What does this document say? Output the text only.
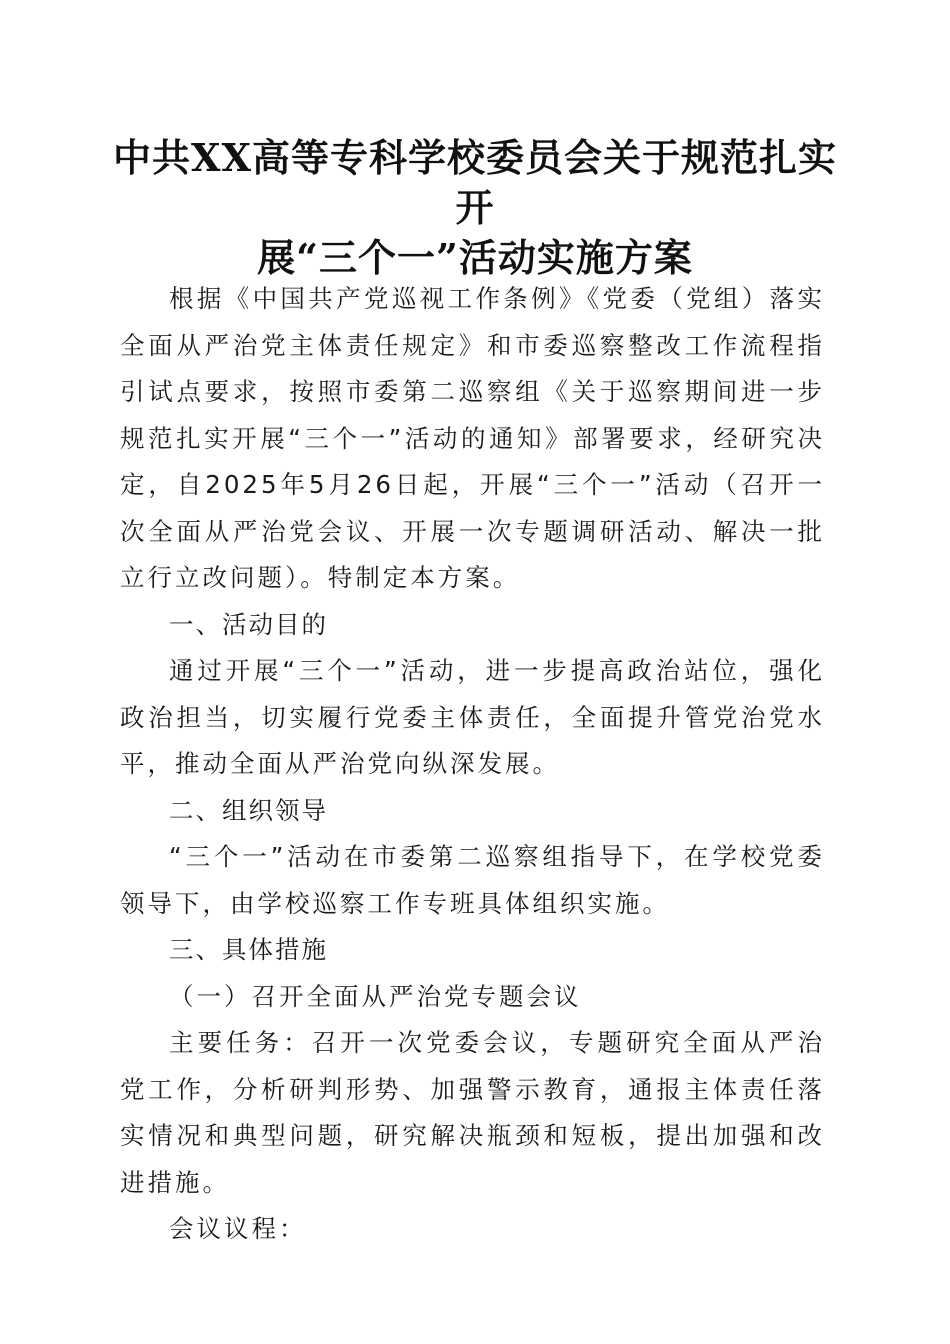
中共XX高等专科学校委员会关于规范扎实开
展“三个一”活动实施方案

根据《中国共产党巡视工作条例》《党委（党组）落实全面从严治党主体责任规定》和市委巡察整改工作流程指引试点要求，按照市委第二巡察组《关于巡察期间进一步规范扎实开展“三个一”活动的通知》部署要求，经研究决定，自2025年5月26日起，开展“三个一”活动（召开一次全面从严治党会议、开展一次专题调研活动、解决一批立行立改问题）。特制定本方案。

一、活动目的

通过开展“三个一”活动，进一步提高政治站位，强化政治担当，切实履行党委主体责任，全面提升管党治党水平，推动全面从严治党向纵深发展。

二、组织领导

“三个一”活动在市委第二巡察组指导下，在学校党委领导下，由学校巡察工作专班具体组织实施。

三、具体措施
（一）召开全面从严治党专题会议

主要任务：召开一次党委会议，专题研究全面从严治党工作，分析研判形势、加强警示教育，通报主体责任落实情况和典型问题，研究解决瓶颈和短板，提出加强和改进措施。

会议议程：
